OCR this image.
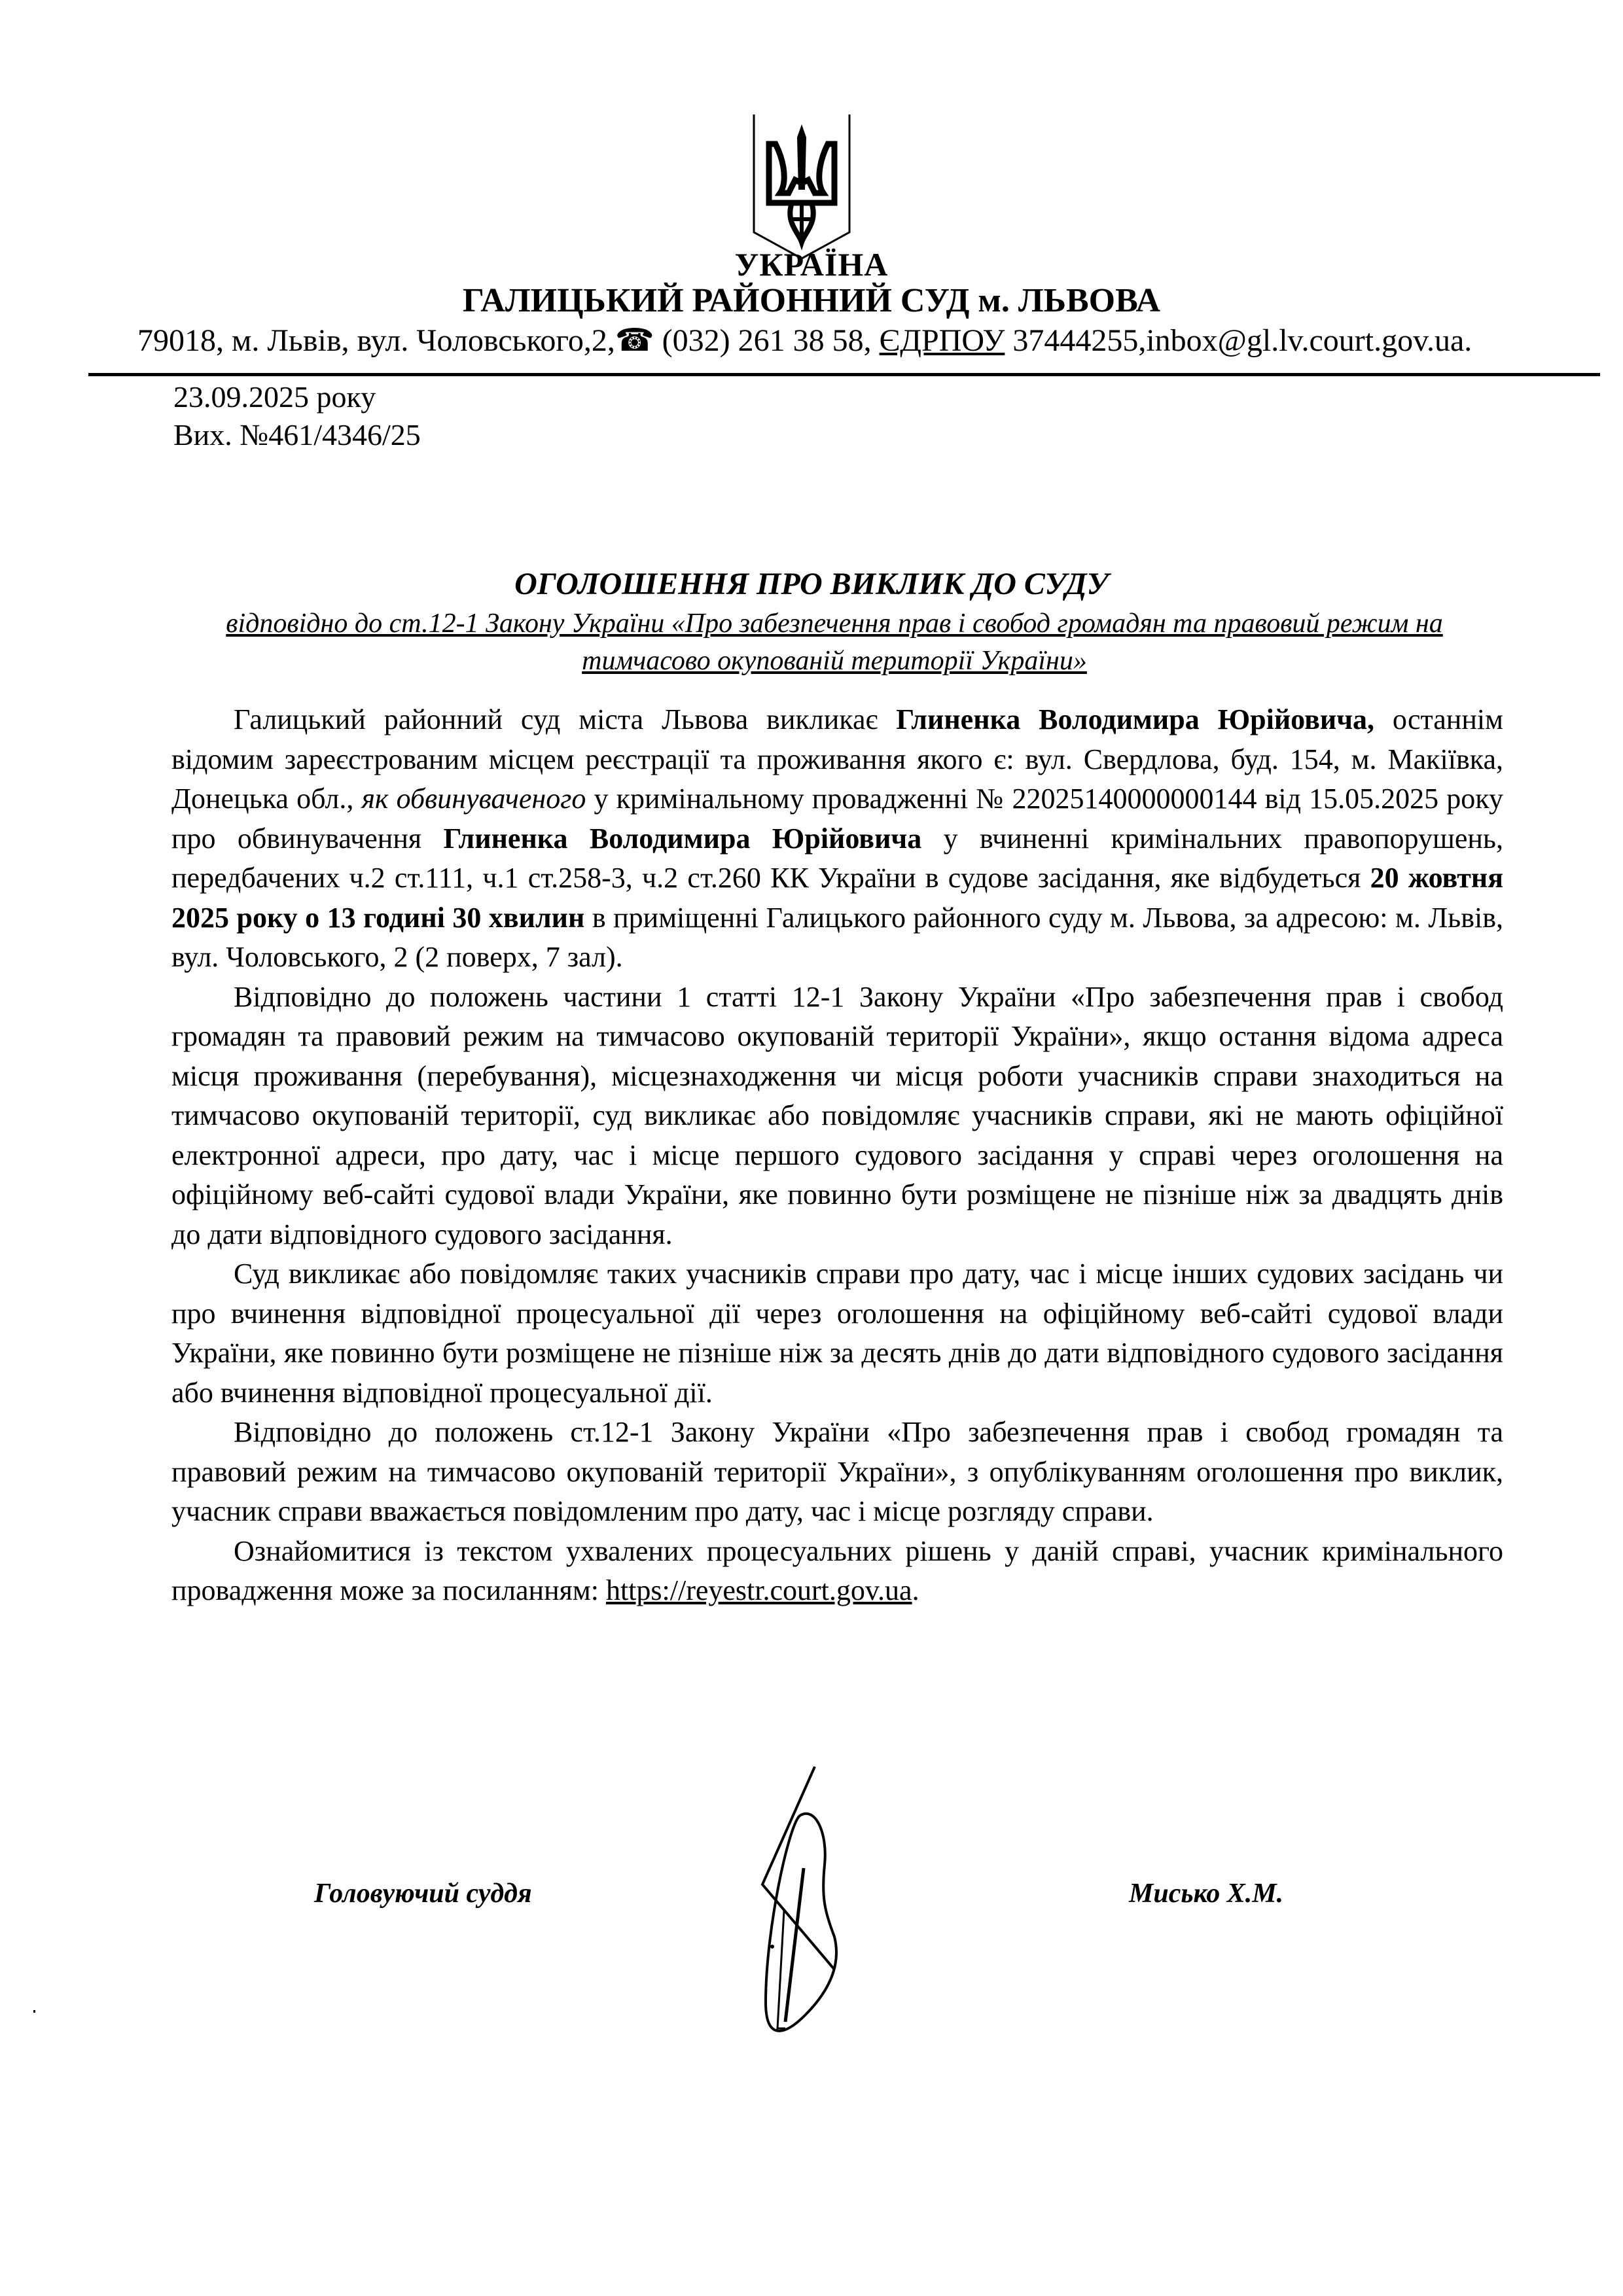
УКРАЇНА
ГАЛИЦЬКИЙ РАЙОННИЙ СУД м. ЛЬВОВА
79018, м. Львів, вул. Чоловського,2,☎ (032) 261 38 58, ЄДРПОУ 37444255,inbox@gl.lv.court.gov.ua.
23.09.2025 року
Вих. №461/4346/25
ОГОЛОШЕННЯ ПРО ВИКЛИК ДО СУДУ
відповідно до ст.12-1 Закону України «Про забезпечення прав і свобод громадян та правовий режим на тимчасово окупованій території України»

Галицький районний суд міста Львова викликає Глиненка Володимира Юрійовича, останнім відомим зареєстрованим місцем реєстрації та проживання якого є: вул. Свердлова, буд. 154, м. Макіївка, Донецька обл., як обвинуваченого у кримінальному провадженні № 22025140000000144 від 15.05.2025 року про обвинувачення Глиненка Володимира Юрійовича у вчиненні кримінальних правопорушень, передбачених ч.2 ст.111, ч.1 ст.258-3, ч.2 ст.260 КК України в судове засідання, яке відбудеться 20 жовтня 2025 року о 13 годині 30 хвилин в приміщенні Галицького районного суду м. Львова, за адресою: м. Львів, вул. Чоловського, 2 (2 поверх, 7 зал).

Відповідно до положень частини 1 статті 12-1 Закону України «Про забезпечення прав і свобод громадян та правовий режим на тимчасово окупованій території України», якщо остання відома адреса місця проживання (перебування), місцезнаходження чи місця роботи учасників справи знаходиться на тимчасово окупованій території, суд викликає або повідомляє учасників справи, які не мають офіційної електронної адреси, про дату, час і місце першого судового засідання у справі через оголошення на офіційному веб-сайті судової влади України, яке повинно бути розміщене не пізніше ніж за двадцять днів до дати відповідного судового засідання.

Суд викликає або повідомляє таких учасників справи про дату, час і місце інших судових засідань чи про вчинення відповідної процесуальної дії через оголошення на офіційному веб-сайті судової влади України, яке повинно бути розміщене не пізніше ніж за десять днів до дати відповідного судового засідання або вчинення відповідної процесуальної дії.

Відповідно до положень ст.12-1 Закону України «Про забезпечення прав і свобод громадян та правовий режим на тимчасово окупованій території України», з опублікуванням оголошення про виклик, учасник справи вважається повідомленим про дату, час і місце розгляду справи.

Ознайомитися із текстом ухвалених процесуальних рішень у даній справі, учасник кримінального провадження може за посиланням: https://reyestr.court.gov.ua.

Головуючий суддя	Мисько Х.М.
